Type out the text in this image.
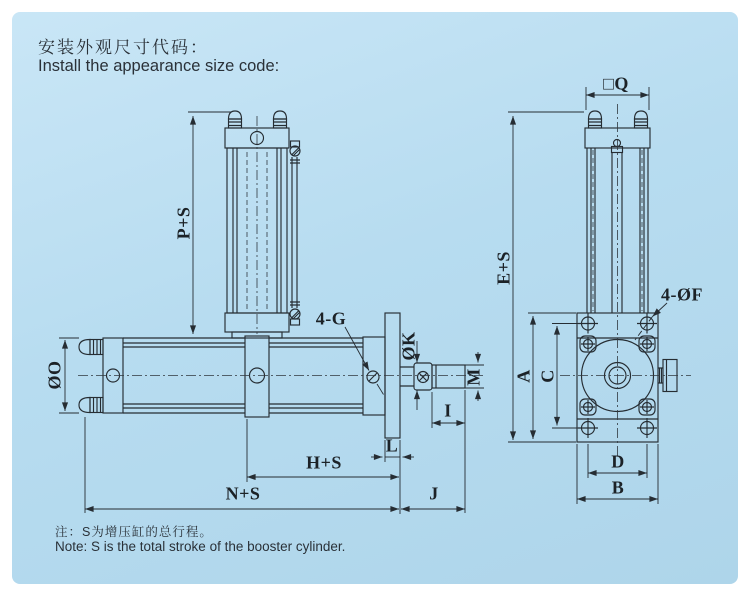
安装外观尺寸代码：
Install the appearance size code:
P+S
ØO
4-G
ØK
M
I
L
H+S
N+S	J
□Q
E+S
A C
4-ØF
D
B
注：S为增压缸的总行程。
Note: S is the total stroke of the booster cylinder.
